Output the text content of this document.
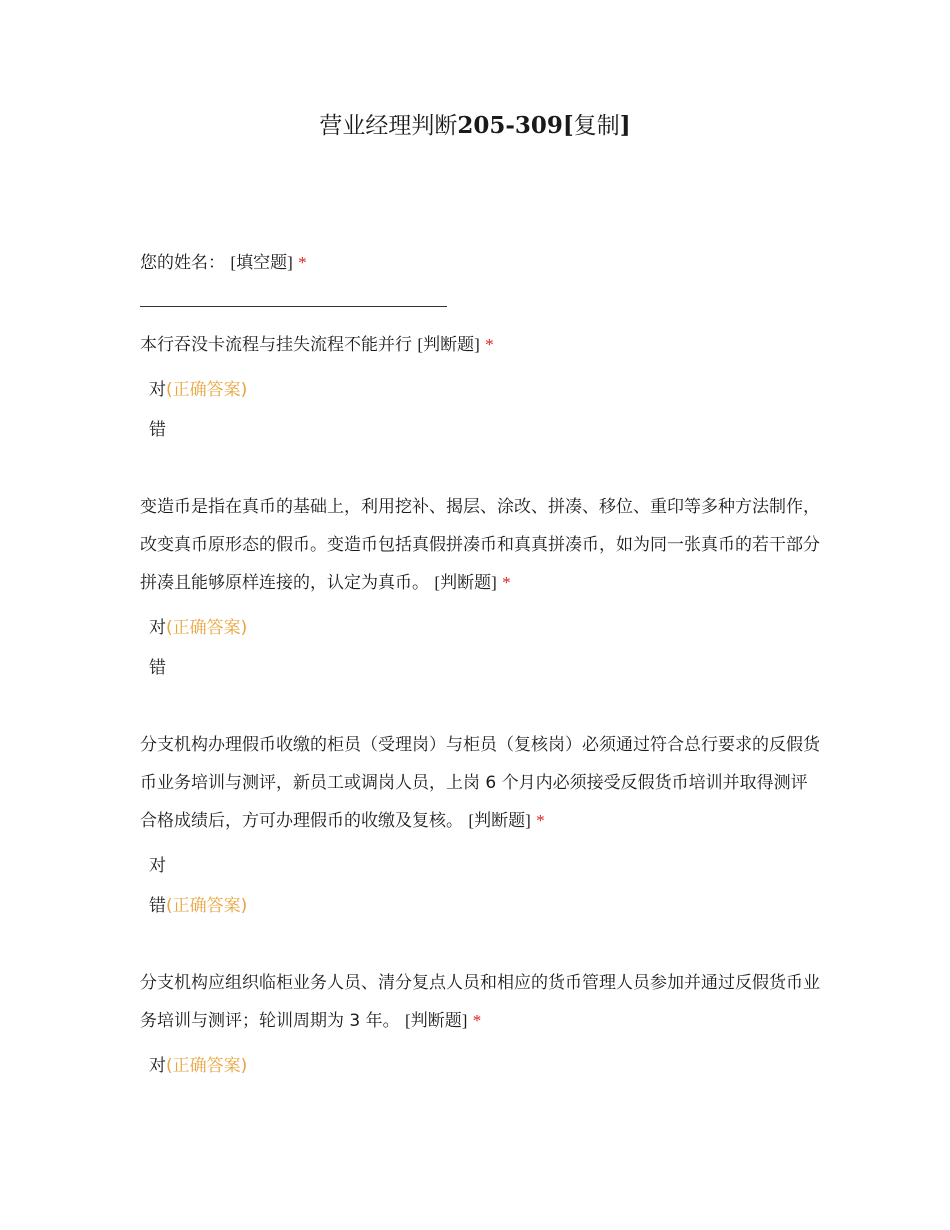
营业经理判断205-309[复制]
您的姓名： [填空题] *
本行吞没卡流程与挂失流程不能并行 [判断题] *
对(正确答案)
错
变造币是指在真币的基础上，利用挖补、揭层、涂改、拼凑、移位、重印等多种方法制作，改变真币原形态的假币。变造币包括真假拼凑币和真真拼凑币，如为同一张真币的若干部分拼凑且能够原样连接的，认定为真币。 [判断题] *
对(正确答案)
错
分支机构办理假币收缴的柜员（受理岗）与柜员（复核岗）必须通过符合总行要求的反假货币业务培训与测评，新员工或调岗人员，上岗 6 个月内必须接受反假货币培训并取得测评合格成绩后，方可办理假币的收缴及复核。 [判断题] *
对
错(正确答案)
分支机构应组织临柜业务人员、清分复点人员和相应的货币管理人员参加并通过反假货币业务培训与测评；轮训周期为 3 年。 [判断题] *
对(正确答案)
